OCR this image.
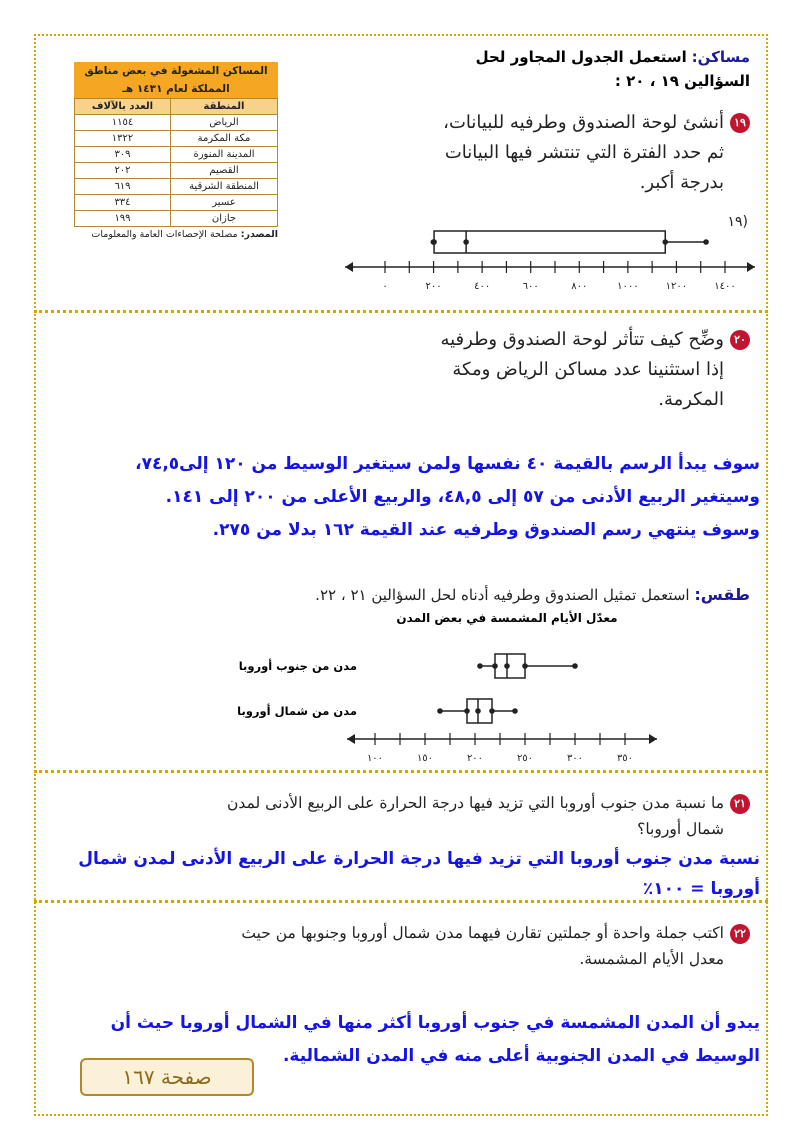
مساكن: استعمل الجدول المجاور لحل
السؤالين ١٩ ، ٢٠ :
١٩أنشئ لوحة الصندوق وطرفيه للبيانات،
ثم حدد الفترة التي تنتشر فيها البيانات
بدرجة أكبر.
(١٩
المساكن المشغولة في بعض مناطق
المملكة لعام ١٤٣١ هـ
المنطقة	العدد بالآلاف
الرياض	١١٥٤
مكة المكرمة	١٣٢٢
المدينة المنورة	٣٠٩
القصيم	٢٠٢
المنطقة الشرقية	٦١٩
عسير	٣٣٤
جازان	١٩٩
المصدر: مصلحة الإحصاءات العامة والمعلومات
٠	٢٠٠	٤٠٠	٦٠٠	٨٠٠	١٠٠٠	١٢٠٠	١٤٠٠
٢٠وضِّح كيف تتأثر لوحة الصندوق وطرفيه
إذا استثنينا عدد مساكن الرياض ومكة
المكرمة.
سوف يبدأ الرسم بالقيمة ٤٠ نفسها ولمن سيتغير الوسيط من ١٢٠ إلى٧٤,٥،
وسيتغير الربيع الأدنى من ٥٧ إلى ٤٨,٥، والربيع الأعلى من ٢٠٠ إلى ١٤١.
وسوف ينتهي رسم الصندوق وطرفيه عند القيمة ١٦٢ بدلا من ٢٧٥.
طقس: استعمل تمثيل الصندوق وطرفيه أدناه لحل السؤالين ٢١ ، ٢٢.
معدّل الأيام المشمسة في بعض المدن
مدن من جنوب أوروبا
مدن من شمال أوروبا
١٠٠	١٥٠	٢٠٠	٢٥٠	٣٠٠	٣٥٠
٢١ما نسبة مدن جنوب أوروبا التي تزيد فيها درجة الحرارة على الربيع الأدنى لمدن
شمال أوروبا؟
نسبة مدن جنوب أوروبا التي تزيد فيها درجة الحرارة على الربيع الأدنى لمدن شمال
أوروبا = ١٠٠٪
٢٢اكتب جملة واحدة أو جملتين تقارن فيهما مدن شمال أوروبا وجنوبها من حيث
معدل الأيام المشمسة.
يبدو أن المدن المشمسة في جنوب أوروبا أكثر منها في الشمال أوروبا حيث أن
الوسيط في المدن الجنوبية أعلى منه في المدن الشمالية.
صفحة ١٦٧
